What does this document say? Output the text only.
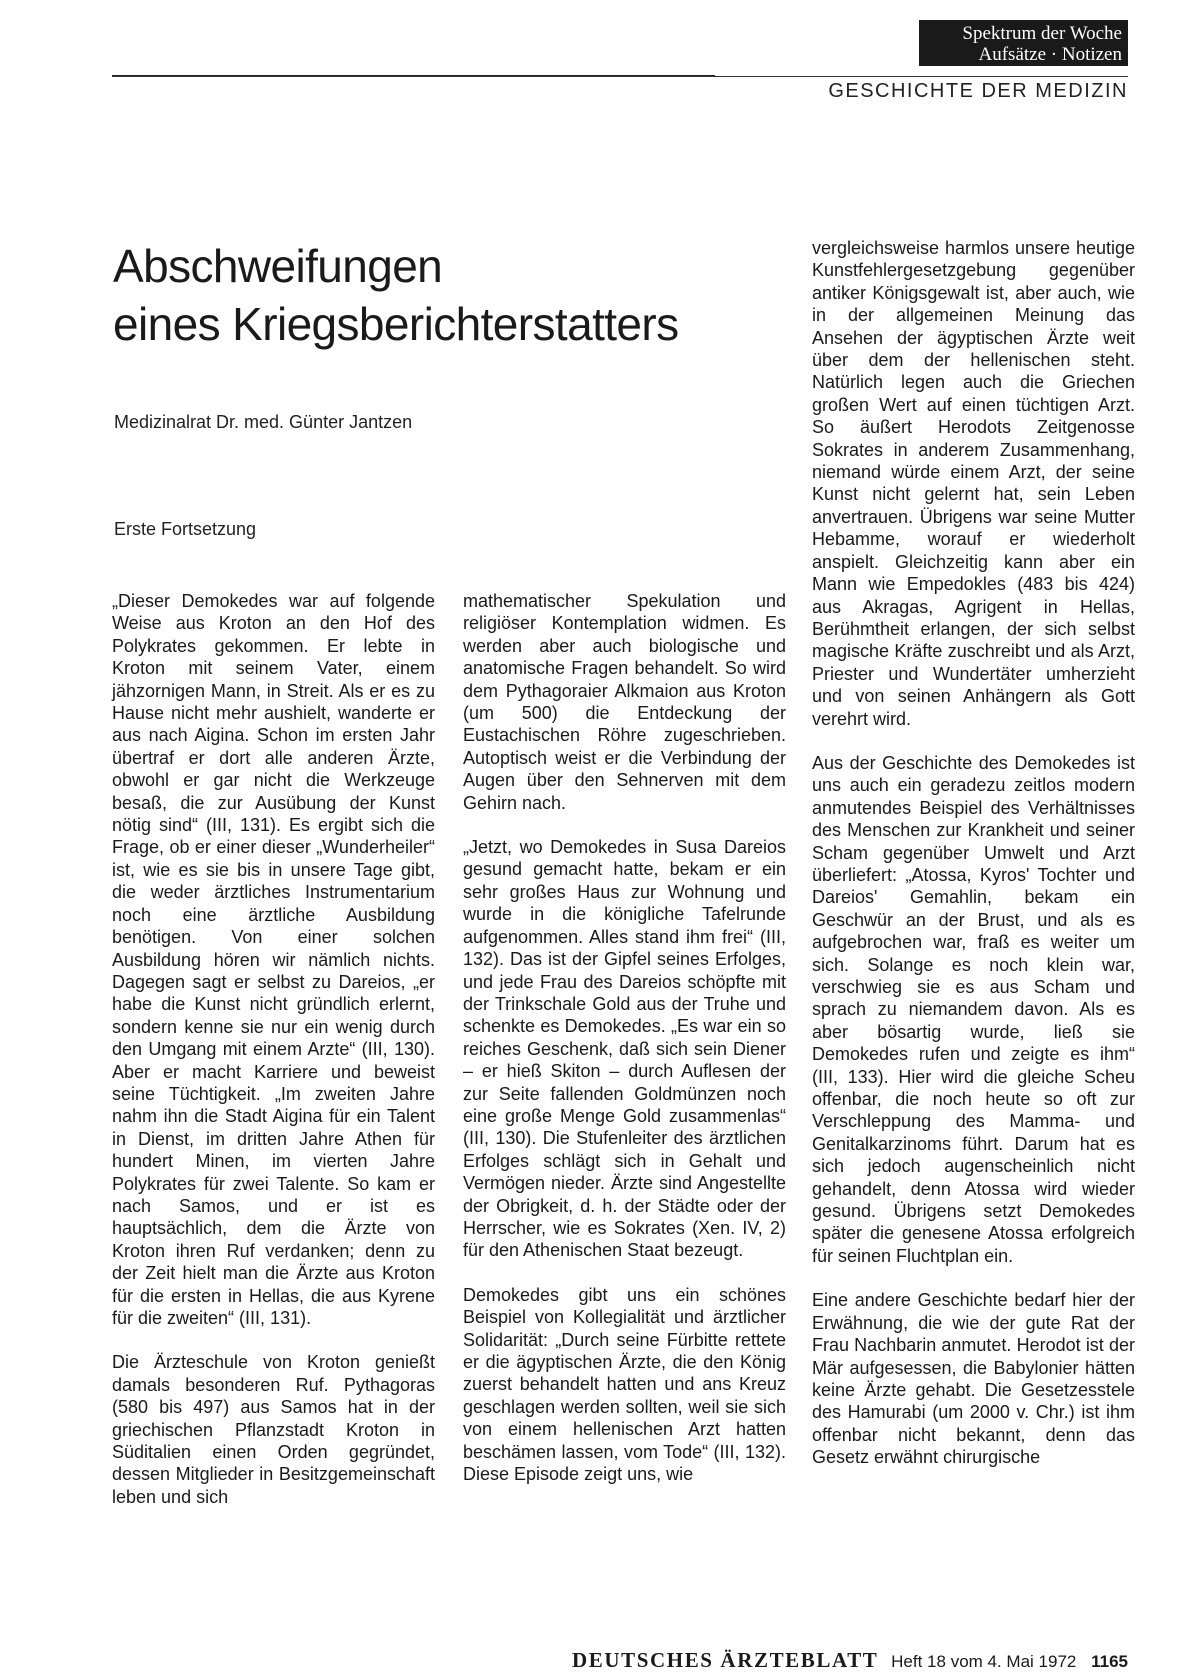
Spektrum der Woche
Aufsätze · Notizen
GESCHICHTE DER MEDIZIN
Abschweifungen
eines Kriegsberichterstatters
Medizinalrat Dr. med. Günter Jantzen
Erste Fortsetzung

„Dieser Demokedes war auf folgende Weise aus Kroton an den Hof des Polykrates gekommen. Er lebte in Kroton mit seinem Vater, einem jähzornigen Mann, in Streit. Als er es zu Hause nicht mehr aushielt, wanderte er aus nach Aigina. Schon im ersten Jahr übertraf er dort alle anderen Ärzte, obwohl er gar nicht die Werkzeuge besaß, die zur Ausübung der Kunst nötig sind“ (III, 131). Es ergibt sich die Frage, ob er einer dieser „Wunderheiler“ ist, wie es sie bis in unsere Tage gibt, die weder ärztliches Instrumentarium noch eine ärztliche Ausbildung benötigen. Von einer solchen Ausbildung hören wir nämlich nichts. Dagegen sagt er selbst zu Dareios, „er habe die Kunst nicht gründlich erlernt, sondern kenne sie nur ein wenig durch den Umgang mit einem Arzte“ (III, 130). Aber er macht Karriere und beweist seine Tüchtigkeit. „Im zweiten Jahre nahm ihn die Stadt Aigina für ein Talent in Dienst, im dritten Jahre Athen für hundert Minen, im vierten Jahre Polykrates für zwei Talente. So kam er nach Samos, und er ist es hauptsächlich, dem die Ärzte von Kroton ihren Ruf verdanken; denn zu der Zeit hielt man die Ärzte aus Kroton für die ersten in Hellas, die aus Kyrene für die zweiten“ (III, 131).

Die Ärzteschule von Kroton genießt damals besonderen Ruf. Pythagoras (580 bis 497) aus Samos hat in der griechischen Pflanzstadt Kroton in Süditalien einen Orden gegründet, dessen Mitglieder in Besitzgemeinschaft leben und sich

mathematischer Spekulation und religiöser Kontemplation widmen. Es werden aber auch biologische und anatomische Fragen behandelt. So wird dem Pythagoraier Alkmaion aus Kroton (um 500) die Entdeckung der Eustachischen Röhre zugeschrieben. Autoptisch weist er die Verbindung der Augen über den Sehnerven mit dem Gehirn nach.

„Jetzt, wo Demokedes in Susa Dareios gesund gemacht hatte, bekam er ein sehr großes Haus zur Wohnung und wurde in die königliche Tafelrunde aufgenommen. Alles stand ihm frei“ (III, 132). Das ist der Gipfel seines Erfolges, und jede Frau des Dareios schöpfte mit der Trinkschale Gold aus der Truhe und schenkte es Demokedes. „Es war ein so reiches Geschenk, daß sich sein Diener – er hieß Skiton – durch Auflesen der zur Seite fallenden Goldmünzen noch eine große Menge Gold zusammenlas“ (III, 130). Die Stufenleiter des ärztlichen Erfolges schlägt sich in Gehalt und Vermögen nieder. Ärzte sind Angestellte der Obrigkeit, d. h. der Städte oder der Herrscher, wie es Sokrates (Xen. IV, 2) für den Athenischen Staat bezeugt.

Demokedes gibt uns ein schönes Beispiel von Kollegialität und ärztlicher Solidarität: „Durch seine Fürbitte rettete er die ägyptischen Ärzte, die den König zuerst behandelt hatten und ans Kreuz geschlagen werden sollten, weil sie sich von einem hellenischen Arzt hatten beschämen lassen, vom Tode“ (III, 132). Diese Episode zeigt uns, wie

vergleichsweise harmlos unsere heutige Kunstfehlergesetzgebung gegenüber antiker Königsgewalt ist, aber auch, wie in der allgemeinen Meinung das Ansehen der ägyptischen Ärzte weit über dem der hellenischen steht. Natürlich legen auch die Griechen großen Wert auf einen tüchtigen Arzt. So äußert Herodots Zeitgenosse Sokrates in anderem Zusammenhang, niemand würde einem Arzt, der seine Kunst nicht gelernt hat, sein Leben anvertrauen. Übrigens war seine Mutter Hebamme, worauf er wiederholt anspielt. Gleichzeitig kann aber ein Mann wie Empedokles (483 bis 424) aus Akragas, Agrigent in Hellas, Berühmtheit erlangen, der sich selbst magische Kräfte zuschreibt und als Arzt, Priester und Wundertäter umherzieht und von seinen Anhängern als Gott verehrt wird.

Aus der Geschichte des Demokedes ist uns auch ein geradezu zeitlos modern anmutendes Beispiel des Verhältnisses des Menschen zur Krankheit und seiner Scham gegenüber Umwelt und Arzt überliefert: „Atossa, Kyros' Tochter und Dareios' Gemahlin, bekam ein Geschwür an der Brust, und als es aufgebrochen war, fraß es weiter um sich. Solange es noch klein war, verschwieg sie es aus Scham und sprach zu niemandem davon. Als es aber bösartig wurde, ließ sie Demokedes rufen und zeigte es ihm“ (III, 133). Hier wird die gleiche Scheu offenbar, die noch heute so oft zur Verschleppung des Mamma- und Genitalkarzinoms führt. Darum hat es sich jedoch augenscheinlich nicht gehandelt, denn Atossa wird wieder gesund. Übrigens setzt Demokedes später die genesene Atossa erfolgreich für seinen Fluchtplan ein.

Eine andere Geschichte bedarf hier der Erwähnung, die wie der gute Rat der Frau Nachbarin anmutet. Herodot ist der Mär aufgesessen, die Babylonier hätten keine Ärzte gehabt. Die Gesetzesstele des Hamurabi (um 2000 v. Chr.) ist ihm offenbar nicht bekannt, denn das Gesetz erwähnt chirurgische

DEUTSCHES ÄRZTEBLATT Heft 18 vom 4. Mai 1972 1165
